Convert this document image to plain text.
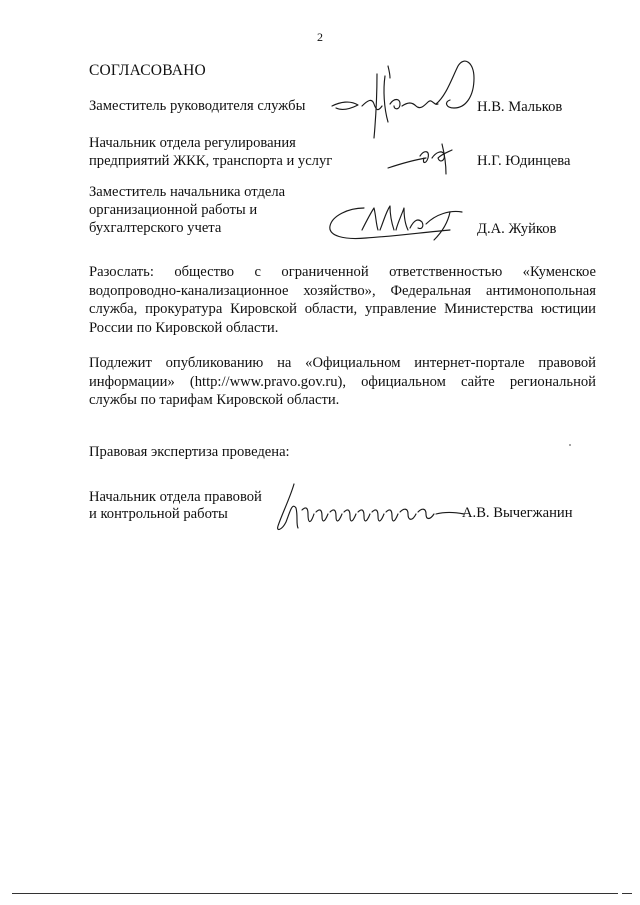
2
СОГЛАСОВАНО
Заместитель руководителя службы	Н.В. Мальков
Начальник отдела регулирования
предприятий ЖКК, транспорта и услуг	Н.Г. Юдинцева
Заместитель начальника отдела
организационной работы и
бухгалтерского учета	Д.А. Жуйков
Разослать: общество с ограниченной ответственностью «Куменское
водопроводно-канализационное хозяйство», Федеральная антимонопольная
служба, прокуратура Кировской области, управление Министерства юстиции
России по Кировской области.
Подлежит опубликованию на «Официальном интернет-портале правовой
информации» (http://www.pravo.gov.ru), официальном сайте региональной
службы по тарифам Кировской области.
Правовая экспертиза проведена:
Начальник отдела правовой
и контрольной работы	А.В. Вычегжанин
